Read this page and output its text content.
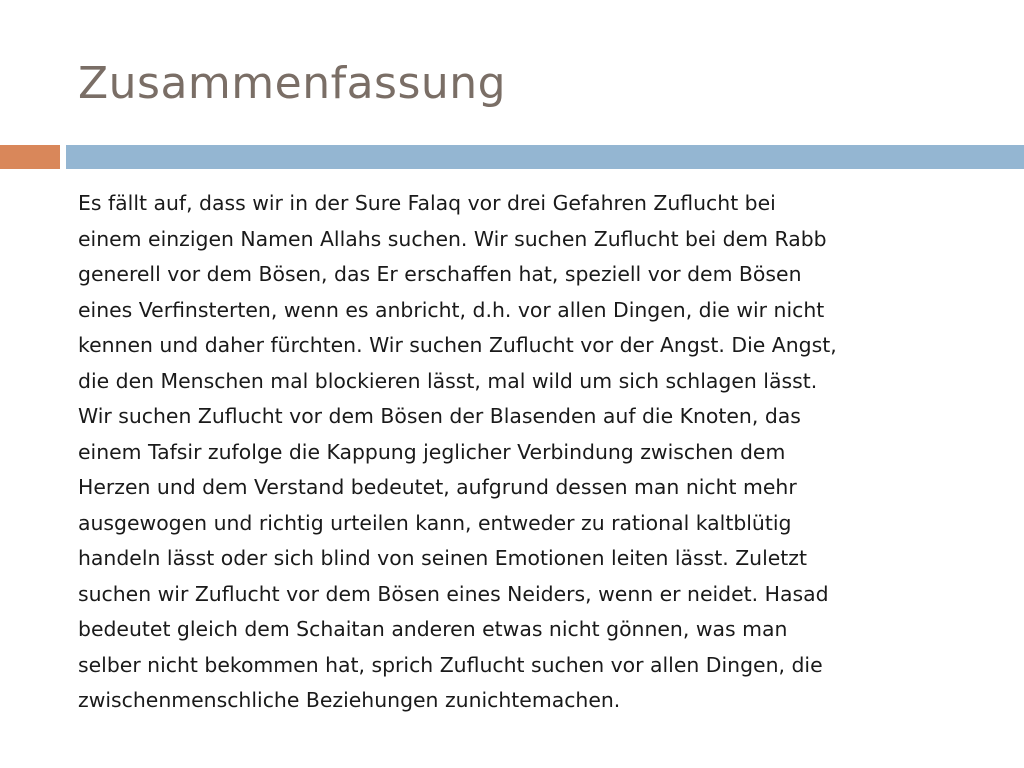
Zusammenfassung

Es fällt auf, dass wir in der Sure Falaq vor drei Gefahren Zuflucht bei
einem einzigen Namen Allahs suchen. Wir suchen Zuflucht bei dem Rabb
generell vor dem Bösen, das Er erschaffen hat, speziell vor dem Bösen
eines Verfinsterten, wenn es anbricht, d.h. vor allen Dingen, die wir nicht
kennen und daher fürchten. Wir suchen Zuflucht vor der Angst. Die Angst,
die den Menschen mal blockieren lässt, mal wild um sich schlagen lässt.
Wir suchen Zuflucht vor dem Bösen der Blasenden auf die Knoten, das
einem Tafsir zufolge die Kappung jeglicher Verbindung zwischen dem
Herzen und dem Verstand bedeutet, aufgrund dessen man nicht mehr
ausgewogen und richtig urteilen kann, entweder zu rational kaltblütig
handeln lässt oder sich blind von seinen Emotionen leiten lässt. Zuletzt
suchen wir Zuflucht vor dem Bösen eines Neiders, wenn er neidet. Hasad
bedeutet gleich dem Schaitan anderen etwas nicht gönnen, was man
selber nicht bekommen hat, sprich Zuflucht suchen vor allen Dingen, die
zwischenmenschliche Beziehungen zunichtemachen.
